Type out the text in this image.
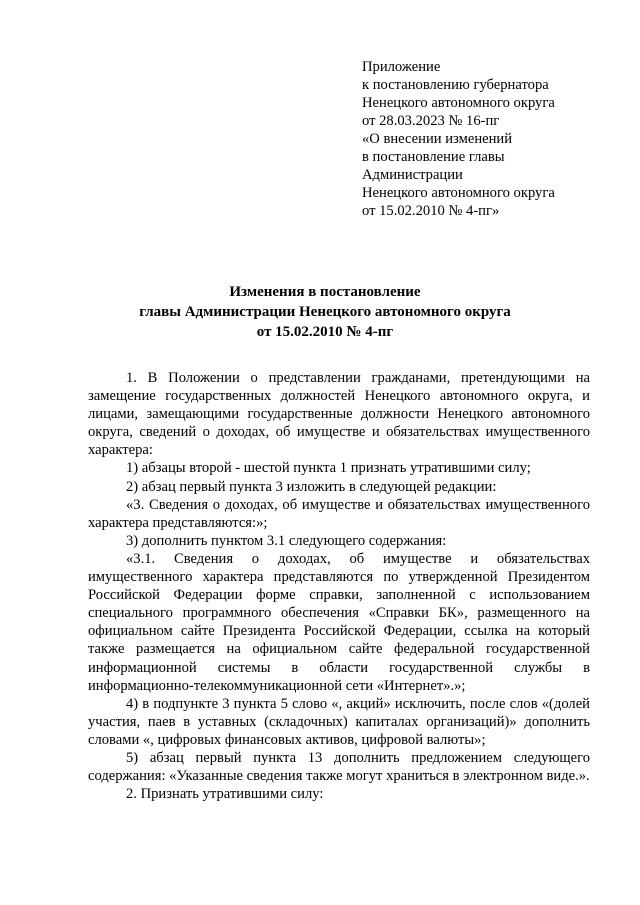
Приложение
к постановлению губернатора
Ненецкого автономного округа
от 28.03.2023 № 16-пг
«О внесении изменений
в постановление главы
Администрации
Ненецкого автономного округа
от 15.02.2010 № 4-пг»
Изменения в постановление
главы Администрации Ненецкого автономного округа
от 15.02.2010 № 4-пг

1. В Положении о представлении гражданами, претендующими на замещение государственных должностей Ненецкого автономного округа, и лицами, замещающими государственные должности Ненецкого автономного округа, сведений о доходах, об имуществе и обязательствах имущественного характера:

1) абзацы второй - шестой пункта 1 признать утратившими силу;

2) абзац первый пункта 3 изложить в следующей редакции:

«3. Сведения о доходах, об имуществе и обязательствах имущественного характера представляются:»;

3) дополнить пунктом 3.1 следующего содержания:

«3.1. Сведения о доходах, об имуществе и обязательствах имущественного характера представляются по утвержденной Президентом Российской Федерации форме справки, заполненной с использованием специального программного обеспечения «Справки БК», размещенного на официальном сайте Президента Российской Федерации, ссылка на который также размещается на официальном сайте федеральной государственной информационной системы в области государственной службы в информационно-телекоммуникационной сети «Интернет».»;

4) в подпункте 3 пункта 5 слово «, акций» исключить, после слов «(долей участия, паев в уставных (складочных) капиталах организаций)» дополнить словами «, цифровых финансовых активов, цифровой валюты»;

5) абзац первый пункта 13 дополнить предложением следующего содержания: «Указанные сведения также могут храниться в электронном виде.».

2. Признать утратившими силу:
